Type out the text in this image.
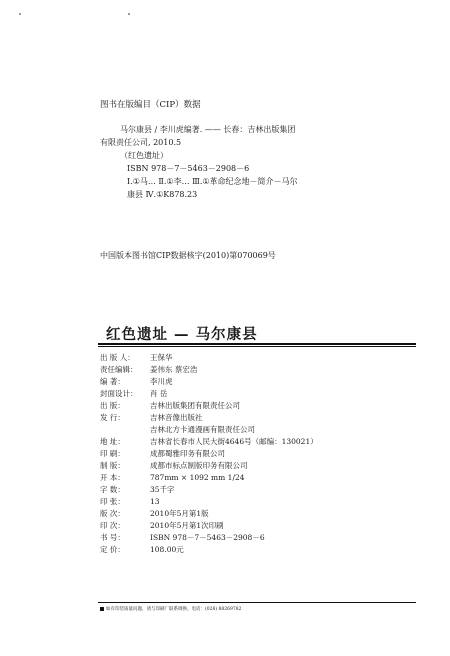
图书在版编目（CIP）数据
马尔康县 / 李川虎编著. —— 长春：吉林出版集团
有限责任公司, 2010.5
（红色遗址）
ISBN 978－7－5463－2908－6
Ⅰ.①马… Ⅱ.①李… Ⅲ.①革命纪念地－简介－马尔
康县 Ⅳ.①K878.23
中国版本图书馆CIP数据核字(2010)第070069号
红色遗址 — 马尔康县
出 版 人：	王保华
责任编辑：	姜伟东 蔡宏浩
编 著：	李川虎
封面设计：	肖 岳
出 版：	吉林出版集团有限责任公司
发 行：	吉林音像出版社
吉林北方卡通漫画有限责任公司
地 址：	吉林省长春市人民大街4646号（邮编：130021）
印 刷：	成都蜀雅印务有限公司
制 版：	成都市标点制版印务有限公司
开 本：	787mm × 1092 mm 1/24
字 数：	35千字
印 张：	13
版 次：	2010年5月第1版
印 次：	2010年5月第1次印刷
书 号：	ISBN 978－7－5463－2908－6
定 价：	108.00元
如有印装质量问题，请与印刷厂联系调换。电话：(028) 88269782
